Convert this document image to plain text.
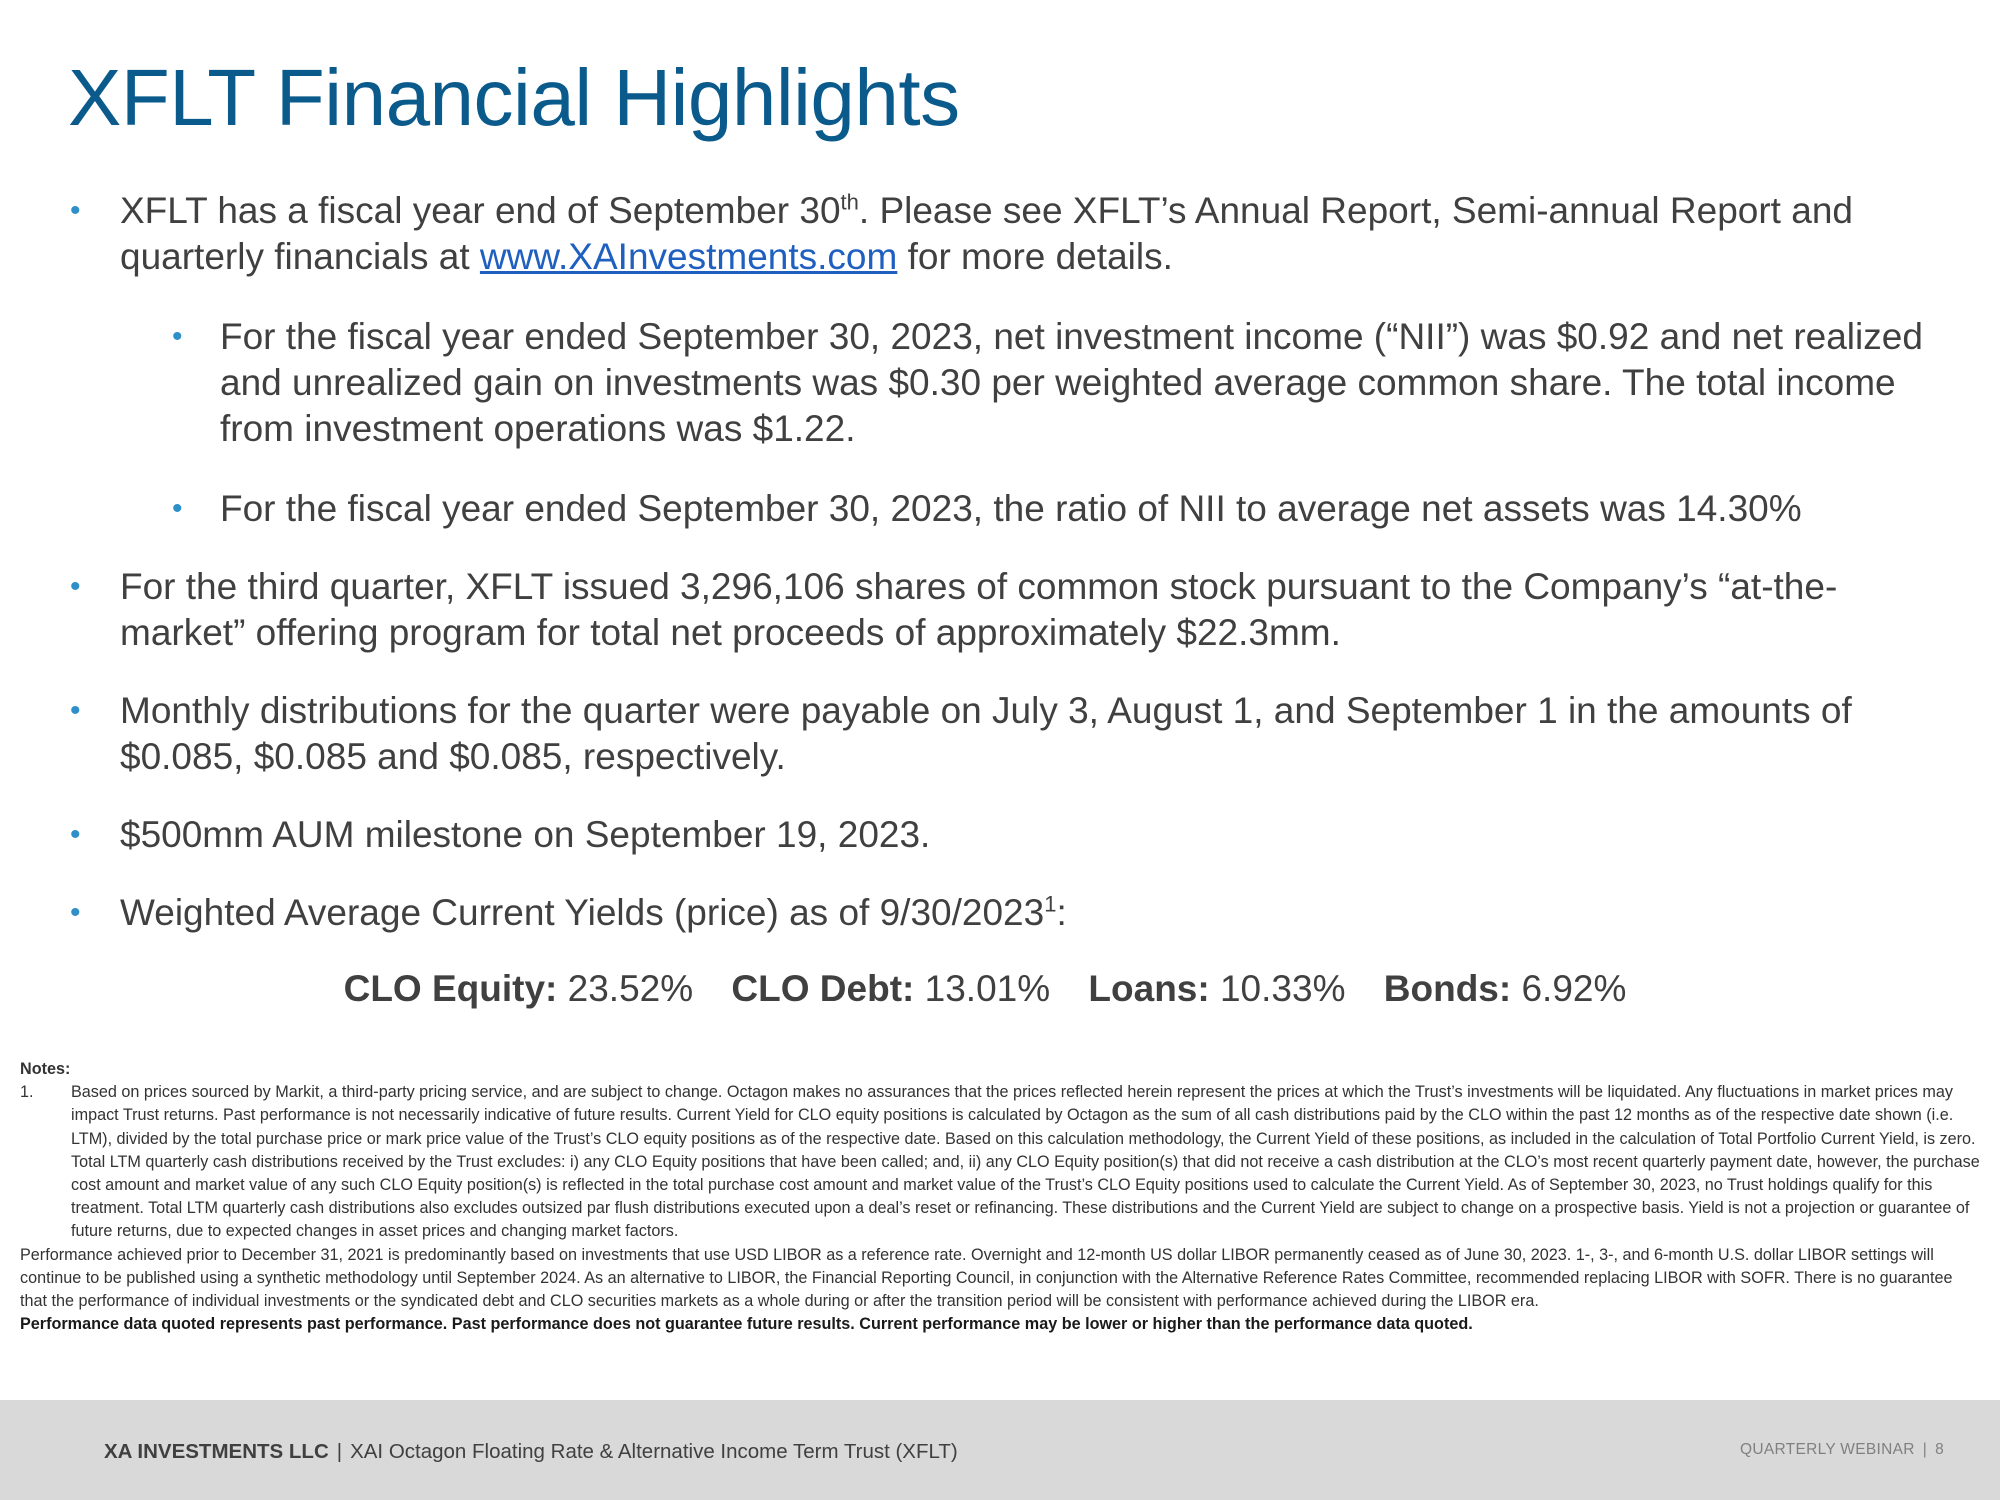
XFLT Financial Highlights
• XFLT has a fiscal year end of September 30th. Please see XFLT’s Annual Report, Semi-annual Report and quarterly financials at www.XAInvestments.com for more details.
• For the fiscal year ended September 30, 2023, net investment income (“NII”) was $0.92 and net realized and unrealized gain on investments was $0.30 per weighted average common share. The total income from investment operations was $1.22.
• For the fiscal year ended September 30, 2023, the ratio of NII to average net assets was 14.30%
• For the third quarter, XFLT issued 3,296,106 shares of common stock pursuant to the Company’s “at-the-market” offering program for total net proceeds of approximately $22.3mm.
• Monthly distributions for the quarter were payable on July 3, August 1, and September 1 in the amounts of $0.085, $0.085 and $0.085, respectively.
• $500mm AUM milestone on September 19, 2023.
• Weighted Average Current Yields (price) as of 9/30/2023$^1$:
CLO Equity: 23.52% CLO Debt: 13.01% Loans: 10.33% Bonds: 6.92%
Notes:
1. Based on prices sourced by Markit, a third-party pricing service, and are subject to change. Octagon makes no assurances that the prices reflected herein represent the prices at which the Trust’s investments will be liquidated. Any fluctuations in market prices may impact Trust returns. Past performance is not necessarily indicative of future results. Current Yield for CLO equity positions is calculated by Octagon as the sum of all cash distributions paid by the CLO within the past 12 months as of the respective date shown (i.e. LTM), divided by the total purchase price or mark price value of the Trust’s CLO equity positions as of the respective date. Based on this calculation methodology, the Current Yield of these positions, as included in the calculation of Total Portfolio Current Yield, is zero. Total LTM quarterly cash distributions received by the Trust excludes: i) any CLO Equity positions that have been called; and, ii) any CLO Equity position(s) that did not receive a cash distribution at the CLO’s most recent quarterly payment date, however, the purchase cost amount and market value of any such CLO Equity position(s) is reflected in the total purchase cost amount and market value of the Trust’s CLO Equity positions used to calculate the Current Yield. As of September 30, 2023, no Trust holdings qualify for this treatment. Total LTM quarterly cash distributions also excludes outsized par flush distributions executed upon a deal’s reset or refinancing. These distributions and the Current Yield are subject to change on a prospective basis. Yield is not a projection or guarantee of future returns, due to expected changes in asset prices and changing market factors.
Performance achieved prior to December 31, 2021 is predominantly based on investments that use USD LIBOR as a reference rate. Overnight and 12-month US dollar LIBOR permanently ceased as of June 30, 2023. 1-, 3-, and 6-month U.S. dollar LIBOR settings will continue to be published using a synthetic methodology until September 2024. As an alternative to LIBOR, the Financial Reporting Council, in conjunction with the Alternative Reference Rates Committee, recommended replacing LIBOR with SOFR. There is no guarantee that the performance of individual investments or the syndicated debt and CLO securities markets as a whole during or after the transition period will be consistent with performance achieved during the LIBOR era.
Performance data quoted represents past performance. Past performance does not guarantee future results. Current performance may be lower or higher than the performance data quoted.
XA INVESTMENTS LLC | XAI Octagon Floating Rate & Alternative Income Term Trust (XFLT)	QUARTERLY WEBINAR | 8
